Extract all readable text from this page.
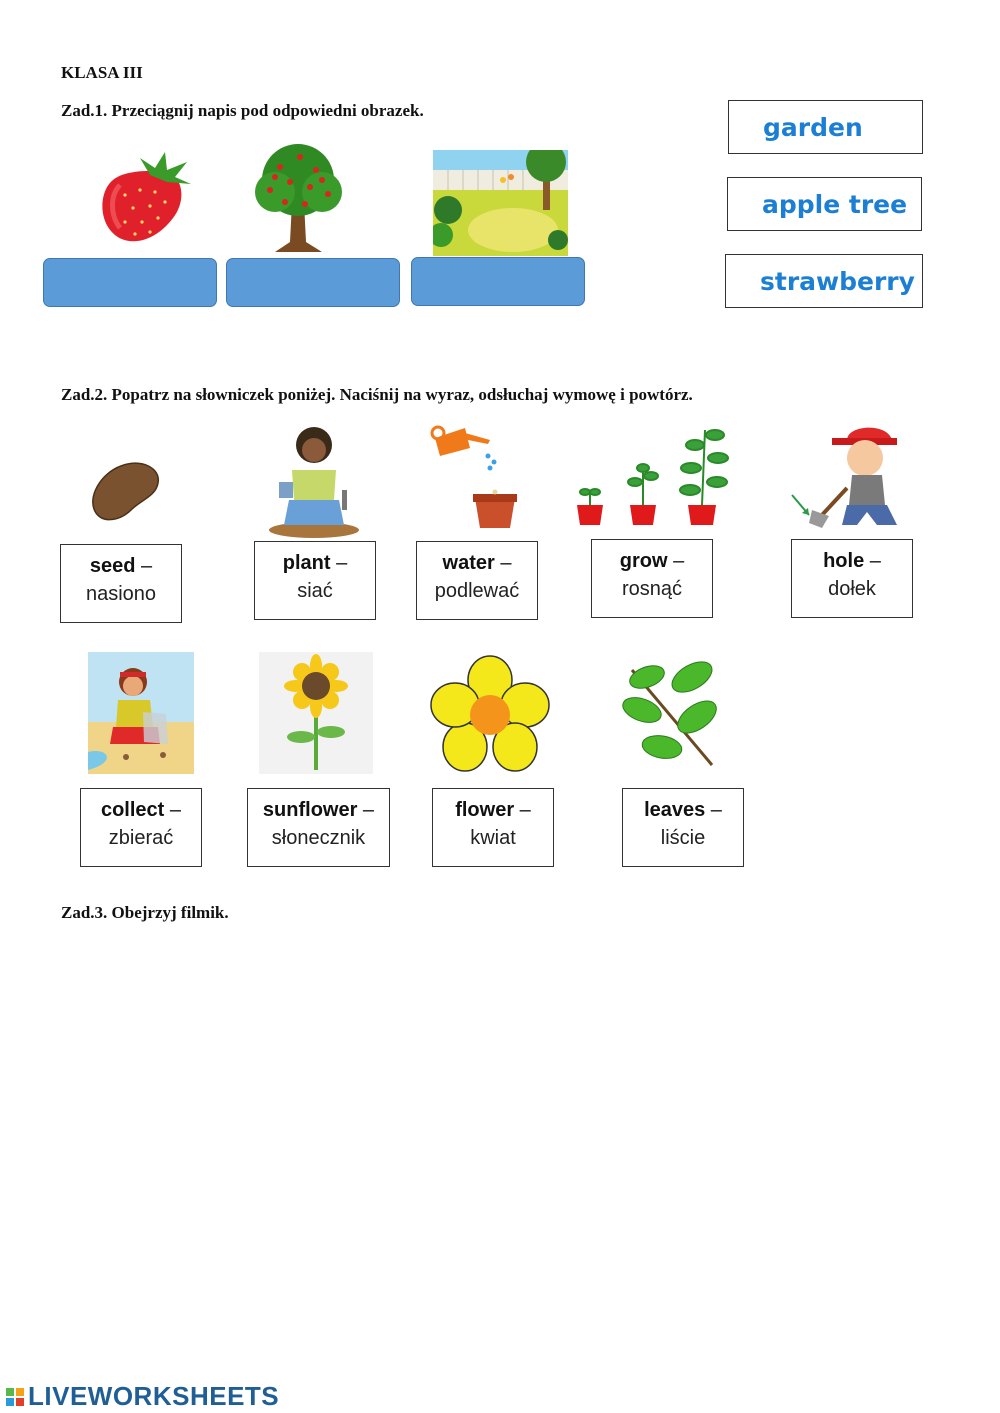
KLASA III
Zad.1. Przeciągnij napis pod odpowiedni obrazek.
garden
apple tree
strawberry
Zad.2. Popatrz na słowniczek poniżej. Naciśnij na wyraz, odsłuchaj wymowę i powtórz.
seed –
nasiono
plant –
siać
water –
podlewać
grow –
rosnąć
hole –
dołek
collect –
zbierać
sunflower –
słonecznik
flower –
kwiat
leaves –
liście
Zad.3. Obejrzyj filmik.
LIVEWORKSHEETS
